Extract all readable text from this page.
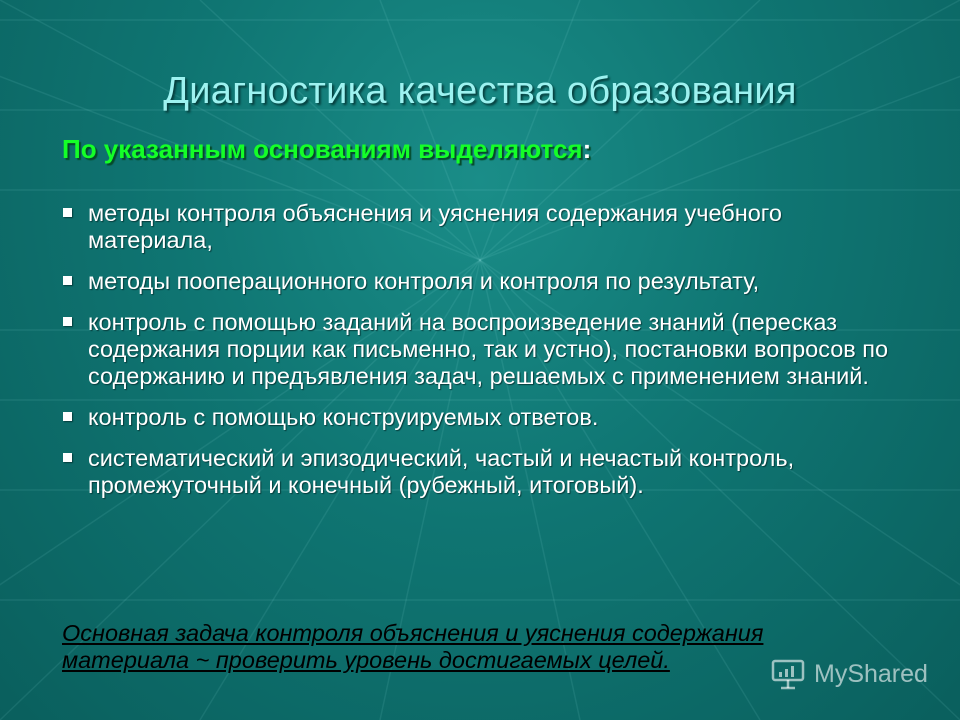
Диагностика качества образования
По указанным основаниям выделяются:
методы контроля объяснения и уяснения содержания учебного материала,
методы пооперационного контроля и контроля по результату,
контроль с помощью заданий на воспроизведение знаний (пересказ содержания порции как письменно, так и устно), постановки вопросов по содержанию и предъявления задач, решаемых с применением знаний.
контроль с помощью конструируемых ответов.
систематический и эпизодический, частый и нечастый контроль, промежуточный и конечный (рубежный, итоговый).
Основная задача контроля объяснения и уяснения содержания материала ~ проверить уровень достигаемых целей.	MyShared
